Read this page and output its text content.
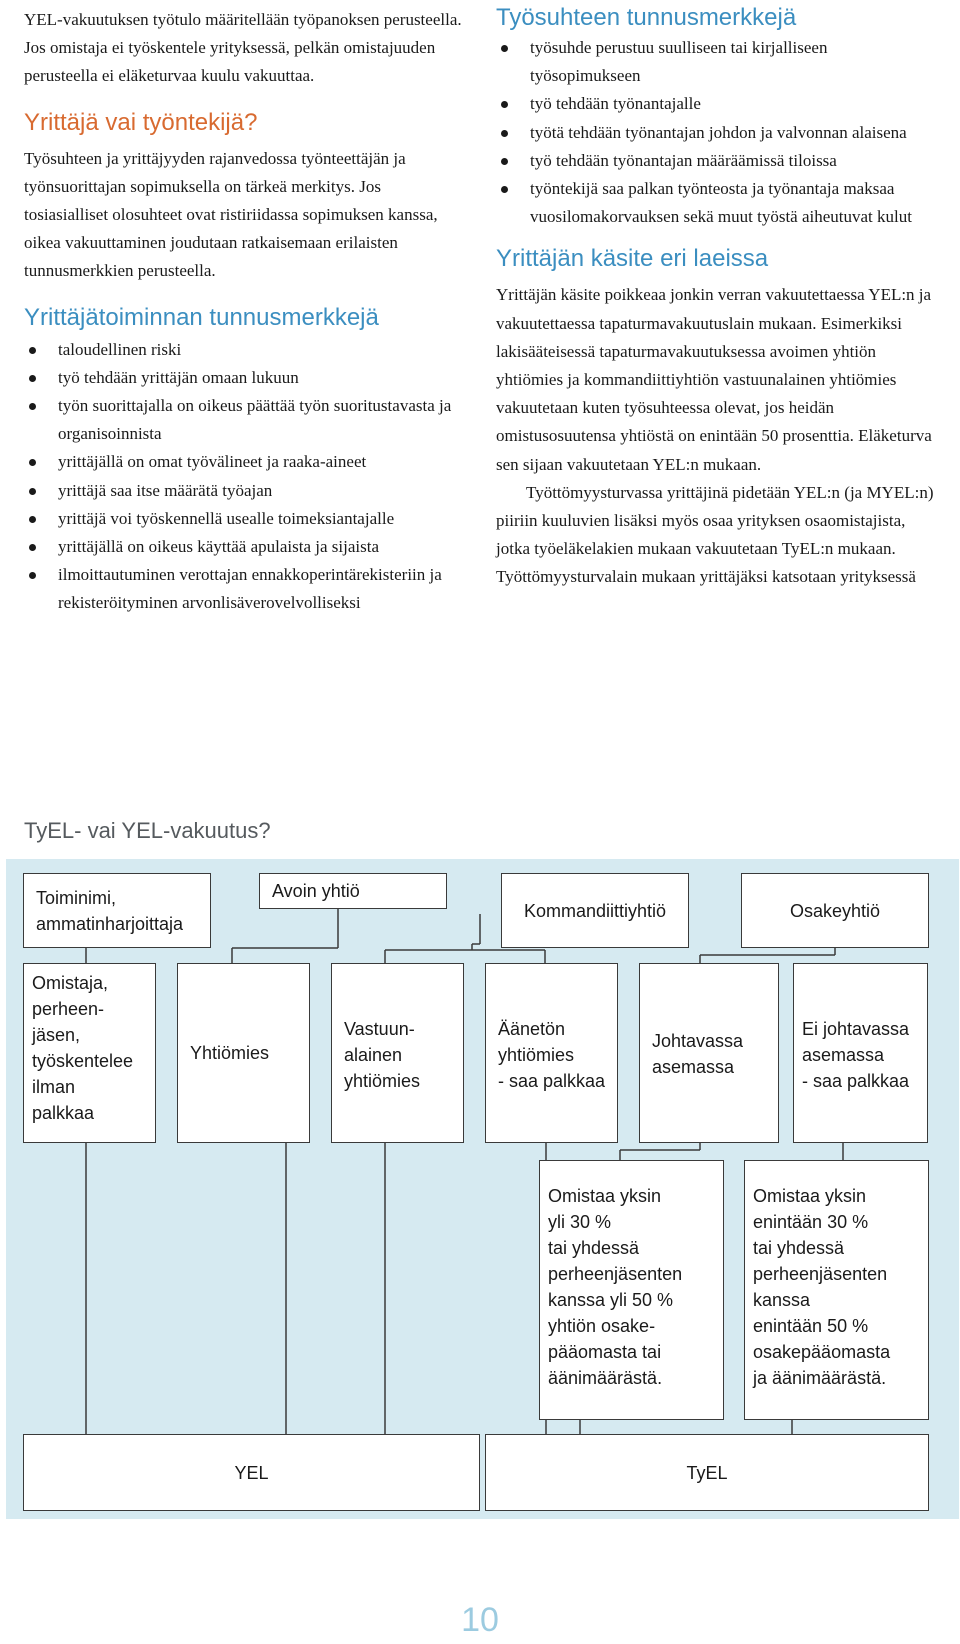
YEL-vakuutuksen työtulo määritellään työpanoksen perusteella. Jos omistaja ei työskentele yrityksessä, pelkän omistajuuden perusteella ei eläketurvaa kuulu vakuuttaa.

Yrittäjä vai työntekijä?

Työsuhteen ja yrittäjyyden rajanvedossa työnteettäjän ja työnsuorittajan sopimuksella on tärkeä merkitys. Jos tosiasialliset olosuhteet ovat ristiriidassa sopimuksen kanssa, oikea vakuuttaminen joudutaan ratkaisemaan erilaisten tunnusmerkkien perusteella.

Yrittäjätoiminnan tunnusmerkkejä
taloudellinen riski
työ tehdään yrittäjän omaan lukuun
työn suorittajalla on oikeus päättää työn suoritustavasta ja organisoinnista
yrittäjällä on omat työvälineet ja raaka-aineet
yrittäjä saa itse määrätä työajan
yrittäjä voi työskennellä usealle toimeksiantajalle
yrittäjällä on oikeus käyttää apulaista ja sijaista
ilmoittautuminen verottajan ennakkoperintärekisteriin ja rekisteröityminen arvonlisäverovelvolliseksi
Työsuhteen tunnusmerkkejä
työsuhde perustuu suulliseen tai kirjalliseen työsopimukseen
työ tehdään työnantajalle
työtä tehdään työnantajan johdon ja valvonnan alaisena
työ tehdään työnantajan määräämissä tiloissa
työntekijä saa palkan työnteosta ja työnantaja maksaa vuosilomakorvauksen sekä muut työstä aiheutuvat kulut
Yrittäjän käsite eri laeissa

Yrittäjän käsite poikkeaa jonkin verran vakuutettaessa YEL:n ja vakuutettaessa tapaturmavakuutuslain mukaan. Esimerkiksi lakisääteisessä tapaturmavakuutuksessa avoimen yhtiön yhtiömies ja kommandiittiyhtiön vastuunalainen yhtiömies vakuutetaan kuten työsuhteessa olevat, jos heidän omistusosuutensa yhtiöstä on enintään 50 prosenttia. Eläketurva sen sijaan vakuutetaan YEL:n mukaan.

Työttömyysturvassa yrittäjinä pidetään YEL:n (ja MYEL:n) piiriin kuuluvien lisäksi myös osaa yrityksen osaomistajista, jotka työeläkelakien mukaan vakuutetaan TyEL:n mukaan. Työttömyysturvalain mukaan yrittäjäksi katsotaan yrityksessä

TyEL- vai YEL-vakuutus?
Toiminimi,
ammatinharjoittaja
Avoin yhtiö
Kommandiittiyhtiö	Osakeyhtiö
Omistaja,
perheen-
jäsen,
työskentelee
ilman
palkkaa
Yhtiömies
Vastuun-
alainen
yhtiömies
Äänetön
yhtiömies
- saa palkkaa
Johtavassa
asemassa
Ei johtavassa
asemassa
- saa palkkaa
Omistaa yksin
yli 30 %
tai yhdessä
perheenjäsenten
kanssa yli 50 %
yhtiön osake-
pääomasta tai
äänimäärästä.
Omistaa yksin
enintään 30 %
tai yhdessä
perheenjäsenten
kanssa
enintään 50 %
osakepääomasta
ja äänimäärästä.
YEL	TyEL
10
